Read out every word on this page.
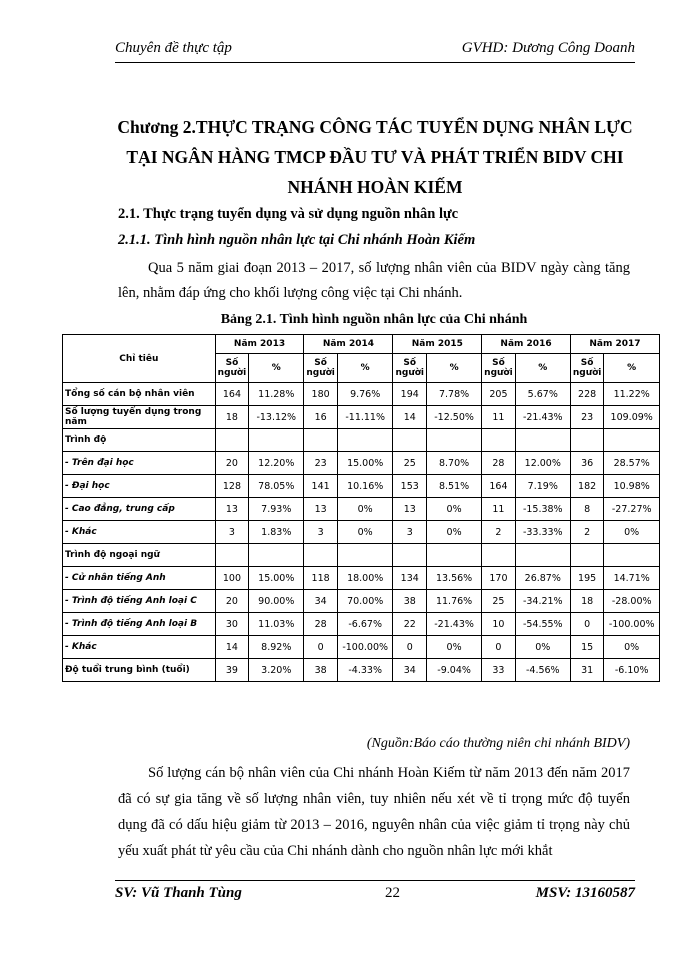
Chuyên đề thực tập	GVHD: Dương Công Doanh
Chương 2.THỰC TRẠNG CÔNG TÁC TUYỂN DỤNG NHÂN LỰC TẠI NGÂN HÀNG TMCP ĐẦU TƯ VÀ PHÁT TRIỂN BIDV CHI NHÁNH HOÀN KIẾM
2.1. Thực trạng tuyển dụng và sử dụng nguồn nhân lực
2.1.1. Tình hình nguồn nhân lực tại Chi nhánh Hoàn Kiếm
Qua 5 năm giai đoạn 2013 – 2017, số lượng nhân viên của BIDV ngày càng tăng lên, nhằm đáp ứng cho khối lượng công việc tại Chi nhánh.
Bảng 2.1. Tình hình nguồn nhân lực của Chi nhánh
Chỉ tiêu	Năm 2013		Năm 2014		Năm 2015		Năm 2016		Năm 2017	
	Số người	%	Số người	%	Số người	%	Số người	%	Số người	%
Tổng số cán bộ nhân viên	164	11.28%	180	9.76%	194	7.78%	205	5.67%	228	11.22%
Số lượng tuyển dụng trong năm	18	-13.12%	16	-11.11%	14	-12.50%	11	-21.43%	23	109.09%
Trình độ										
- Trên đại học	20	12.20%	23	15.00%	25	8.70%	28	12.00%	36	28.57%
- Đại học	128	78.05%	141	10.16%	153	8.51%	164	7.19%	182	10.98%
- Cao đẳng, trung cấp	13	7.93%	13	0%	13	0%	11	-15.38%	8	-27.27%
- Khác	3	1.83%	3	0%	3	0%	2	-33.33%	2	0%
Trình độ ngoại ngữ										
- Cử nhân tiếng Anh	100	15.00%	118	18.00%	134	13.56%	170	26.87%	195	14.71%
- Trình độ tiếng Anh loại C	20	90.00%	34	70.00%	38	11.76%	25	-34.21%	18	-28.00%
- Trình độ tiếng Anh loại B	30	11.03%	28	-6.67%	22	-21.43%	10	-54.55%	0	-100.00%
- Khác	14	8.92%	0	-100.00%	0	0%	0	0%	15	0%
Độ tuổi trung bình (tuổi)	39	3.20%	38	-4.33%	34	-9.04%	33	-4.56%	31	-6.10%
(Nguồn:Báo cáo thường niên chi nhánh BIDV)
Số lượng cán bộ nhân viên của Chi nhánh Hoàn Kiếm từ năm 2013 đến năm 2017 đã có sự gia tăng về số lượng nhân viên, tuy nhiên nếu xét về tỉ trọng mức độ tuyển dụng đã có dấu hiệu giảm từ 2013 – 2016, nguyên nhân của việc giảm tỉ trọng này chủ yếu xuất phát từ yêu cầu của Chi nhánh dành cho nguồn nhân lực mới khắt
SV: Vũ Thanh Tùng	22	MSV: 13160587
